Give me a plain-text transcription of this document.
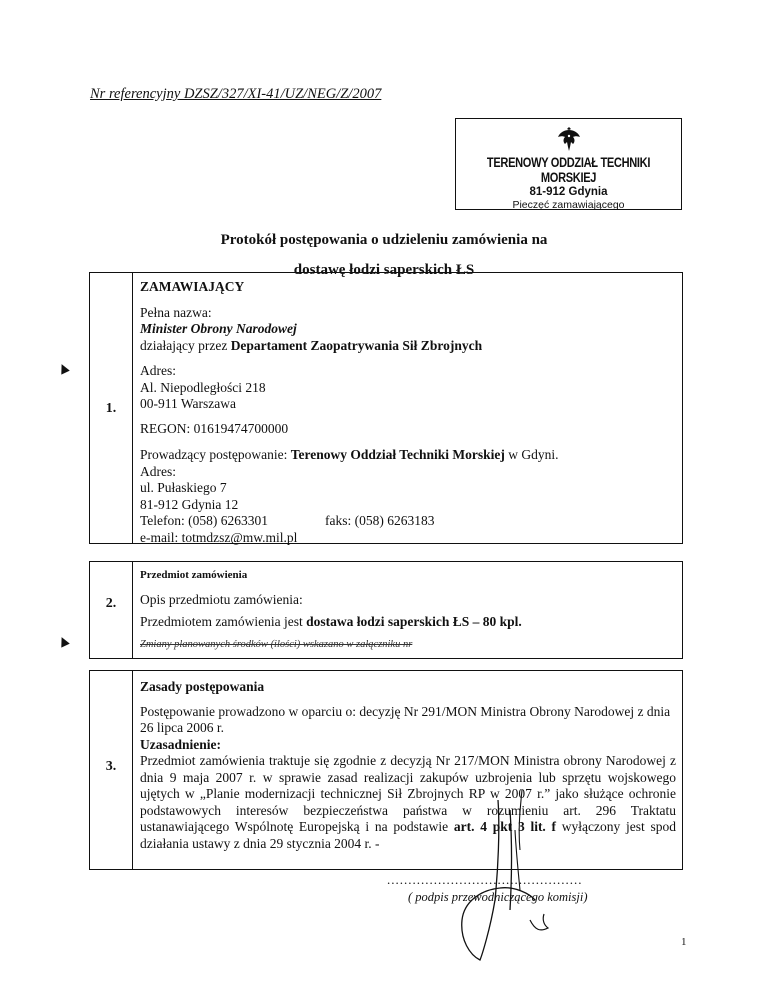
Nr referencyjny DZSZ/327/XI-41/UZ/NEG/Z/2007
TERENOWY ODDZIAŁ TECHNIKI MORSKIEJ
81-912 Gdynia
Pieczęć zamawiającego
Protokół postępowania o udzieleniu zamówienia na
dostawę łodzi saperskich ŁS
1.

ZAMAWIAJĄCY

Pełna nazwa:

Minister Obrony Narodowej

działający przez Departament Zaopatrywania Sił Zbrojnych

Adres:

Al. Niepodległości 218

00-911 Warszawa

REGON: 01619474700000

Prowadzący postępowanie: Terenowy Oddział Techniki Morskiej w Gdyni.

Adres:

ul. Pułaskiego 7

81-912 Gdynia 12

Telefon: (058) 6263301	faks: (058) 6263183

e-mail: totmdzsz@mw.mil.pl

2.

Przedmiot zamówienia

Opis przedmiotu zamówienia:

Przedmiotem zamówienia jest dostawa łodzi saperskich ŁS – 80 kpl.

Zmiany planowanych środków (ilości) wskazano w załączniku nr

3.

Zasady postępowania

Postępowanie prowadzono w oparciu o: decyzję Nr 291/MON Ministra Obrony Narodowej z dnia 26 lipca 2006 r.

Uzasadnienie:

Przedmiot zamówienia traktuje się zgodnie z decyzją Nr 217/MON Ministra obrony Narodowej z dnia 9 maja 2007 r. w sprawie zasad realizacji zakupów uzbrojenia lub sprzętu wojskowego ujętych w „Planie modernizacji technicznej Sił Zbrojnych RP w 2007 r.” jako służące ochronie podstawowych interesów bezpieczeństwa państwa w rozumieniu art. 296 Traktatu ustanawiającego Wspólnotę Europejską i na podstawie art. 4 pkt 3 lit. f wyłączony jest spod działania ustawy z dnia 29 stycznia 2004 r. -

..............................................
( podpis przewodniczącego komisji)
1
▲
▲
